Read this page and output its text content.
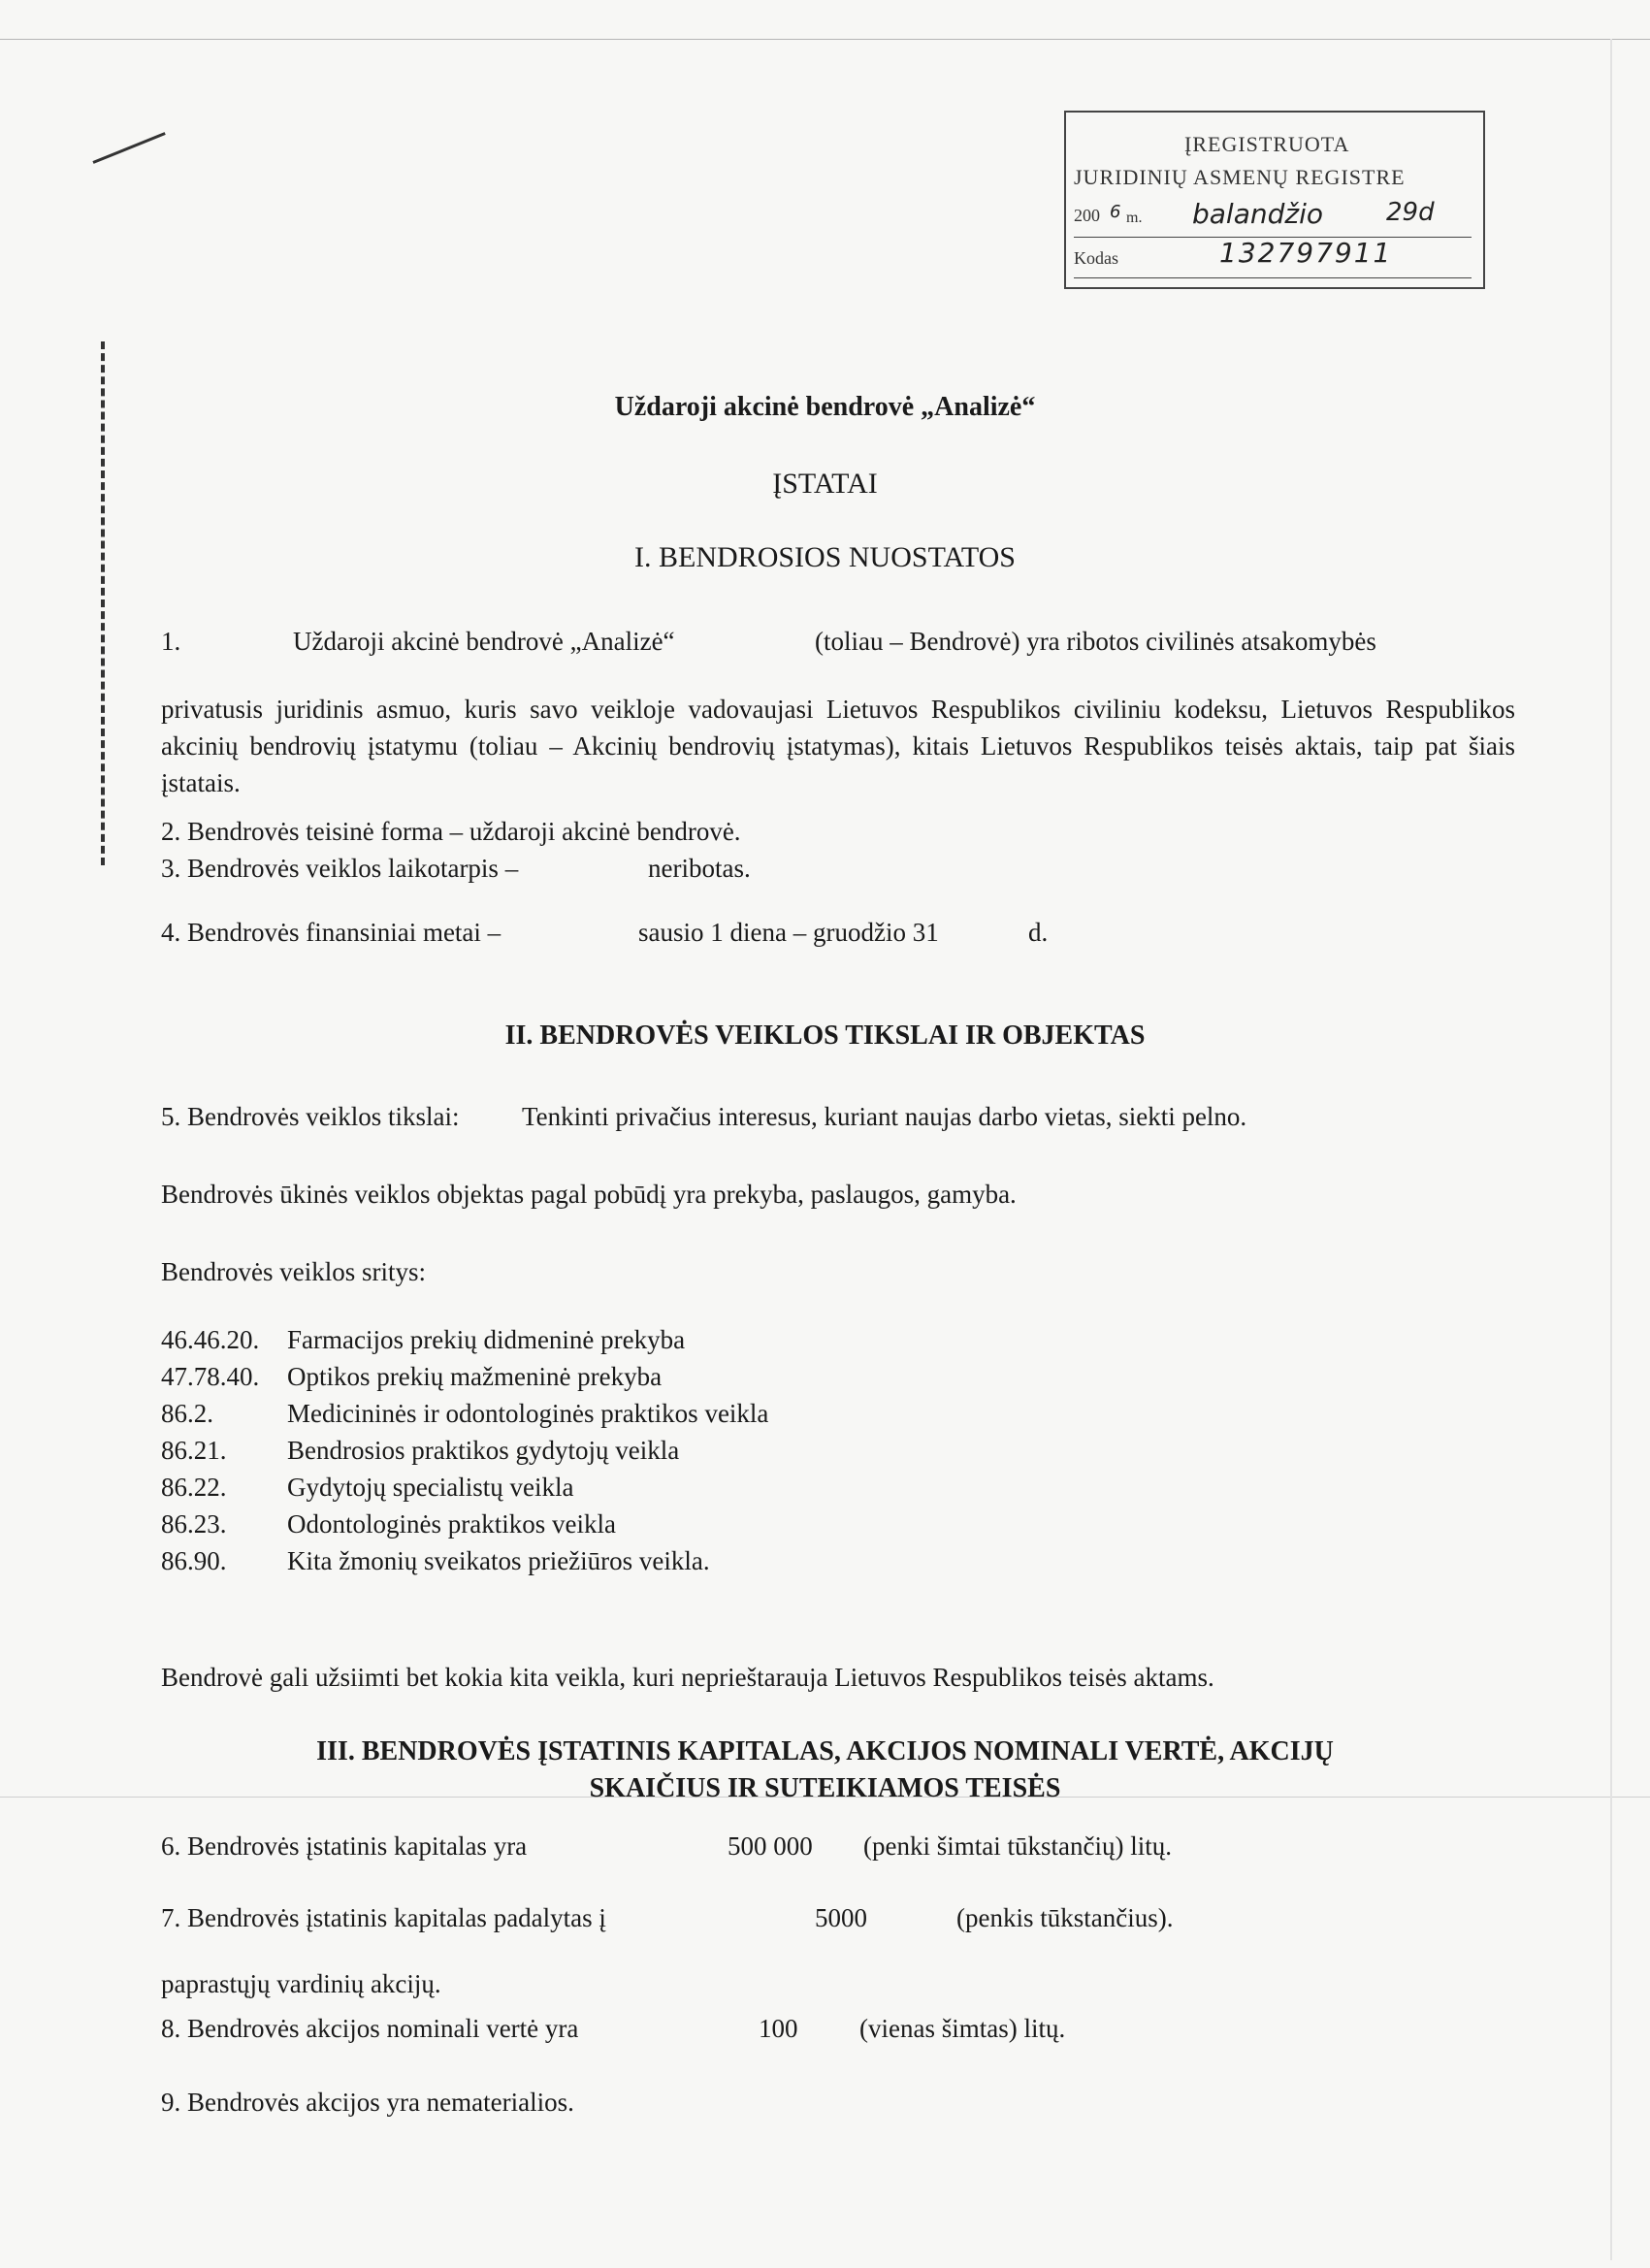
ĮREGISTRUOTA
JURIDINIŲ ASMENŲ REGISTRE
200 6 m. balandžio	29d
Kodas	132797911
Uždaroji akcinė bendrovė „Analizė“
ĮSTATAI
I. BENDROSIOS NUOSTATOS
1.	Uždaroji akcinė bendrovė „Analizė“	(toliau – Bendrovė) yra ribotos civilinės atsakomybės
privatusis juridinis asmuo, kuris savo veikloje vadovaujasi Lietuvos Respublikos civiliniu kodeksu, Lietuvos Respublikos akcinių bendrovių įstatymu (toliau – Akcinių bendrovių įstatymas), kitais Lietuvos Respublikos teisės aktais, taip pat šiais įstatais.
2. Bendrovės teisinė forma – uždaroji akcinė bendrovė.
3. Bendrovės veiklos laikotarpis –	neribotas.
4. Bendrovės finansiniai metai –	sausio 1 diena – gruodžio 31	d.
II. BENDROVĖS VEIKLOS TIKSLAI IR OBJEKTAS
5. Bendrovės veiklos tikslai: Tenkinti privačius interesus, kuriant naujas darbo vietas, siekti pelno.
Bendrovės ūkinės veiklos objektas pagal pobūdį yra prekyba, paslaugos, gamyba.
Bendrovės veiklos sritys:
46.46.20. Farmacijos prekių didmeninė prekyba
47.78.40. Optikos prekių mažmeninė prekyba
86.2.	Medicininės ir odontologinės praktikos veikla
86.21. Bendrosios praktikos gydytojų veikla
86.22. Gydytojų specialistų veikla
86.23. Odontologinės praktikos veikla
86.90. Kita žmonių sveikatos priežiūros veikla.
Bendrovė gali užsiimti bet kokia kita veikla, kuri neprieštarauja Lietuvos Respublikos teisės aktams.
III. BENDROVĖS ĮSTATINIS KAPITALAS, AKCIJOS NOMINALI VERTĖ, AKCIJŲ
SKAIČIUS IR SUTEIKIAMOS TEISĖS
6. Bendrovės įstatinis kapitalas yra	500 000 (penki šimtai tūkstančių) litų.
7. Bendrovės įstatinis kapitalas padalytas į	5000	(penkis tūkstančius).
paprastųjų vardinių akcijų.
8. Bendrovės akcijos nominali vertė yra	100 (vienas šimtas) litų.
9. Bendrovės akcijos yra nematerialios.
